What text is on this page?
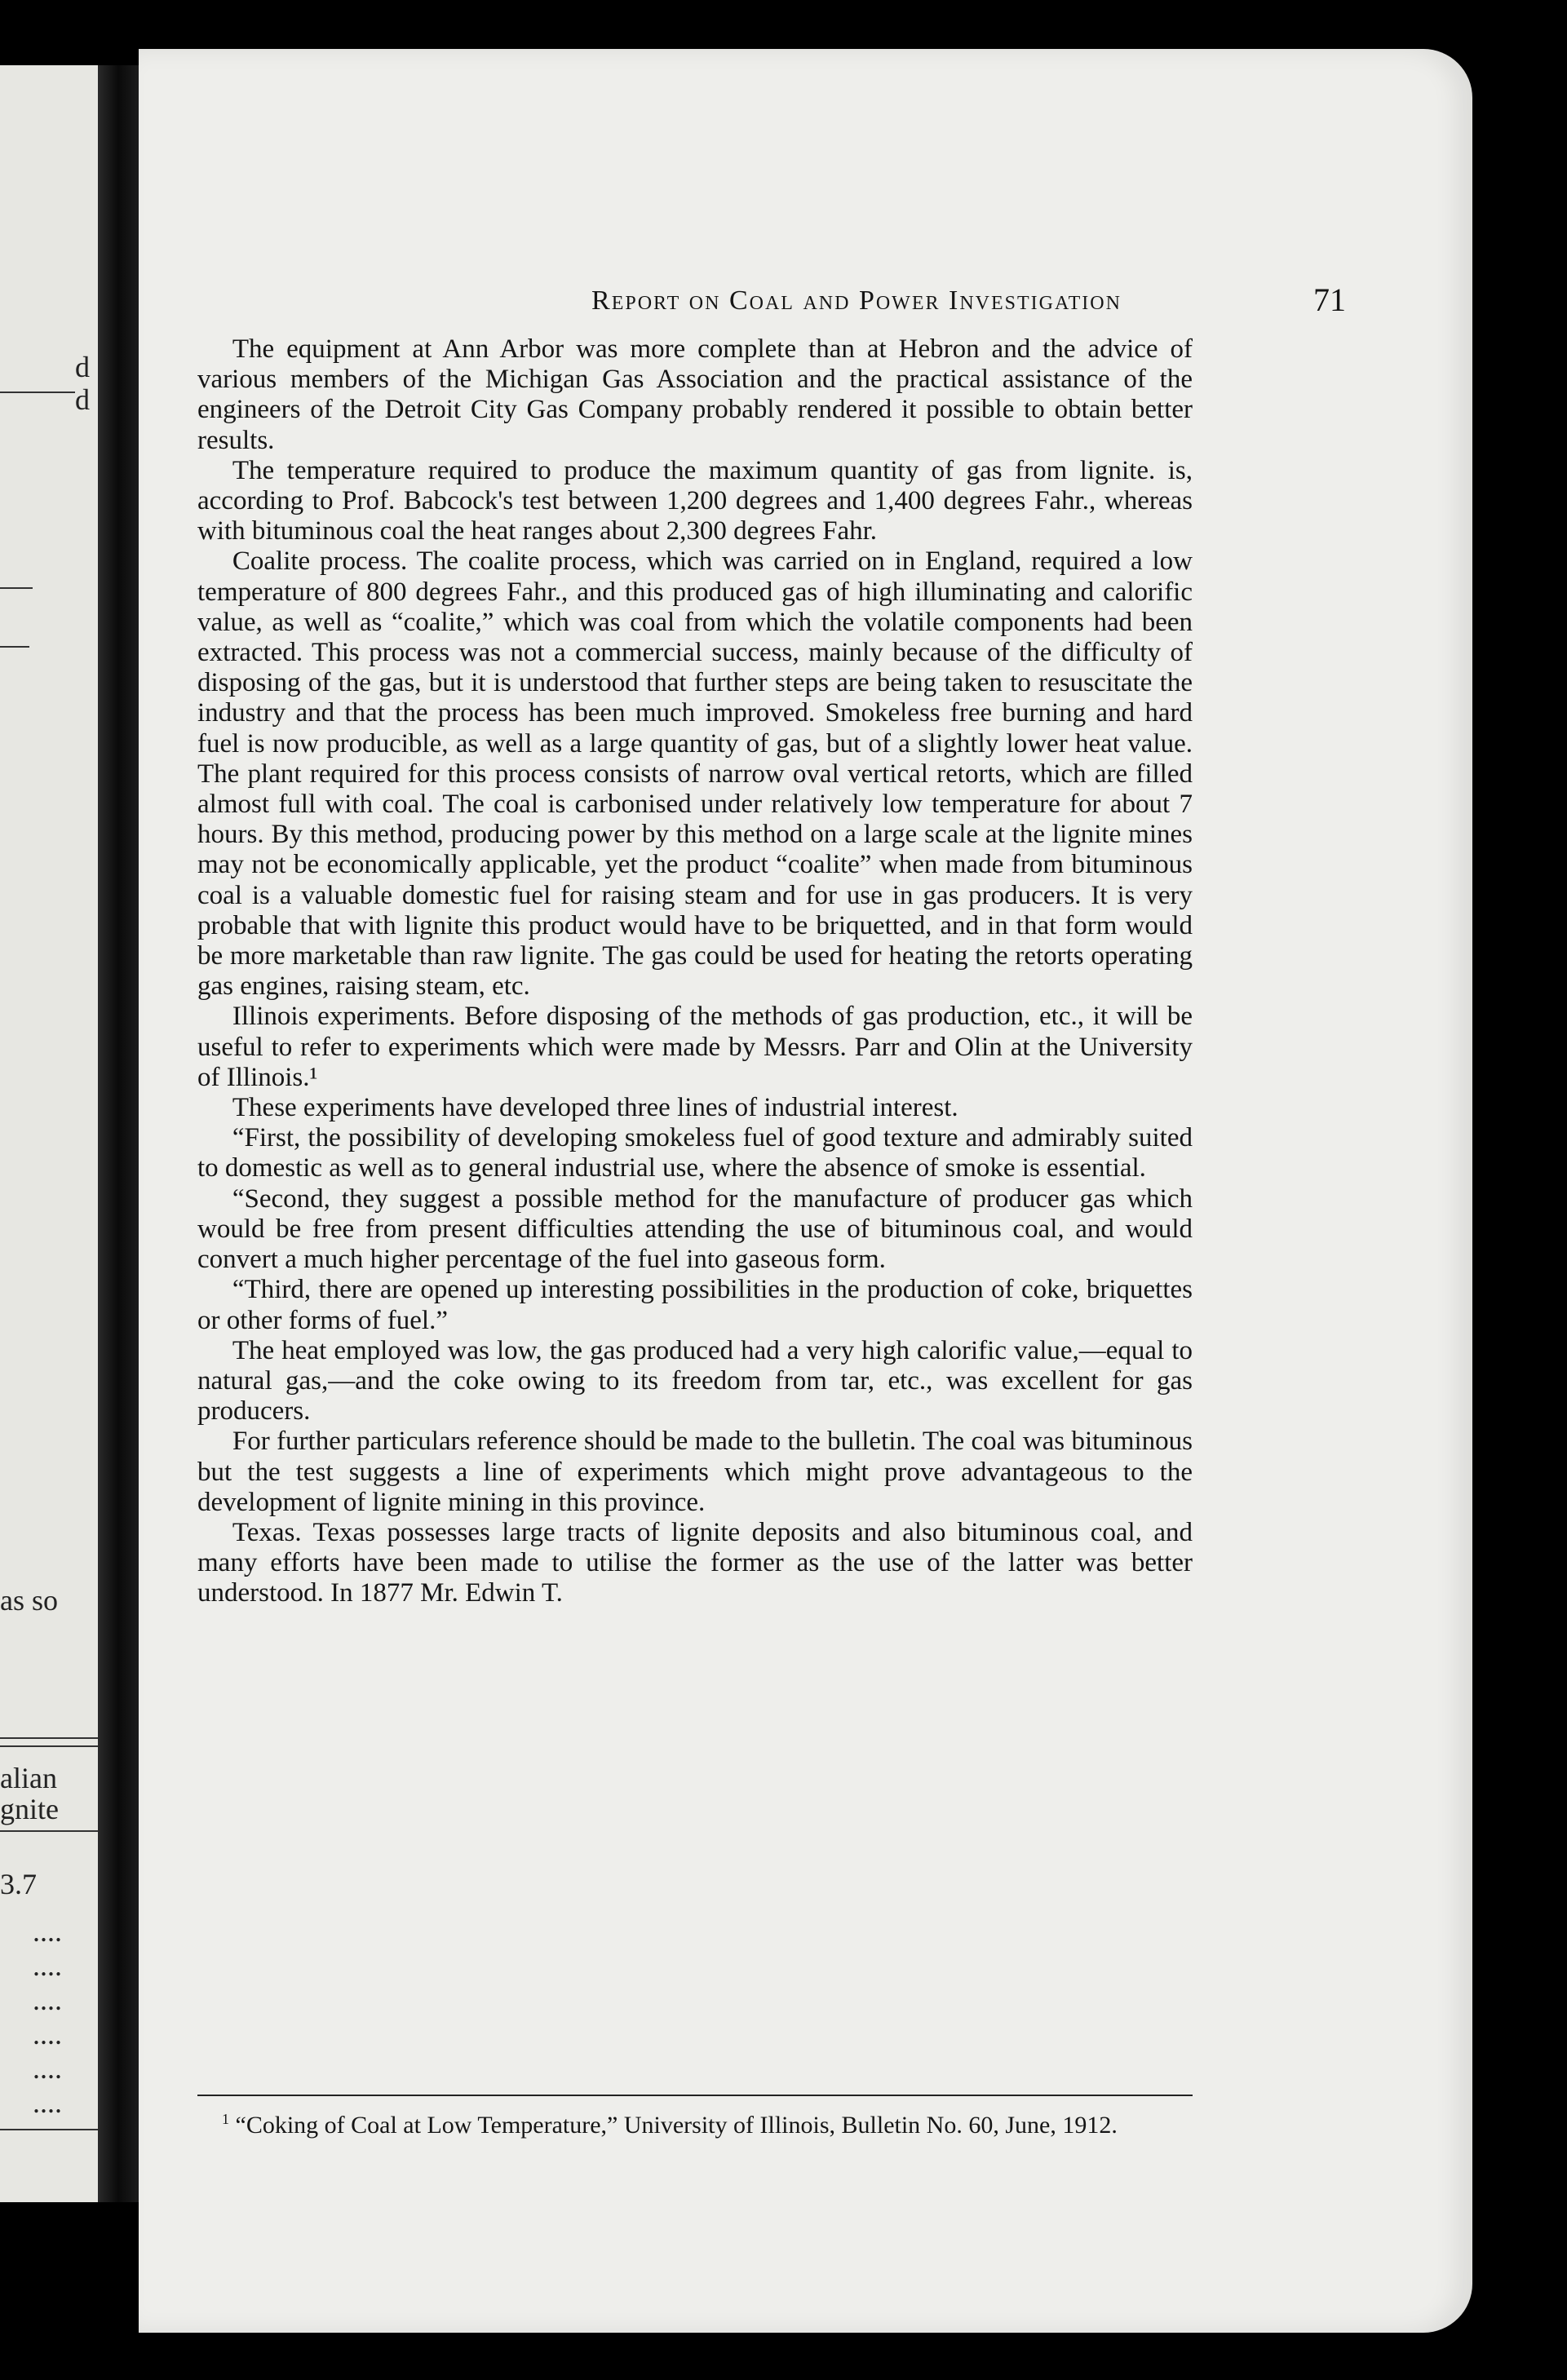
d
d
as so
alian
gnite
3.7
....
....
....
....
....
....
Report on Coal and Power Investigation	71

The equipment at Ann Arbor was more complete than at Hebron and the advice of various members of the Michigan Gas Association and the practical assistance of the engineers of the Detroit City Gas Company probably rendered it possible to obtain better results.

The temperature required to produce the maximum quantity of gas from lignite. is, according to Prof. Babcock's test between 1,200 degrees and 1,400 degrees Fahr., whereas with bituminous coal the heat ranges about 2,300 degrees Fahr.

Coalite process. The coalite process, which was carried on in England, required a low temperature of 800 degrees Fahr., and this produced gas of high illuminating and calorific value, as well as “coalite,” which was coal from which the volatile components had been extracted. This process was not a commercial success, mainly because of the difficulty of disposing of the gas, but it is understood that further steps are being taken to resuscitate the industry and that the process has been much improved. Smokeless free burning and hard fuel is now producible, as well as a large quantity of gas, but of a slightly lower heat value. The plant required for this process consists of narrow oval vertical retorts, which are filled almost full with coal. The coal is carbonised under relatively low temperature for about 7 hours. By this method, producing power by this method on a large scale at the lignite mines may not be economically applicable, yet the product “coalite” when made from bituminous coal is a valuable domestic fuel for raising steam and for use in gas producers. It is very probable that with lignite this product would have to be briquetted, and in that form would be more marketable than raw lignite. The gas could be used for heating the retorts operating gas engines, raising steam, etc.

Illinois experiments. Before disposing of the methods of gas production, etc., it will be useful to refer to experiments which were made by Messrs. Parr and Olin at the University of Illinois.¹

These experiments have developed three lines of industrial interest.

“First, the possibility of developing smokeless fuel of good texture and admirably suited to domestic as well as to general industrial use, where the absence of smoke is essential.

“Second, they suggest a possible method for the manufacture of producer gas which would be free from present difficulties attending the use of bituminous coal, and would convert a much higher percentage of the fuel into gaseous form.

“Third, there are opened up interesting possibilities in the production of coke, briquettes or other forms of fuel.”

The heat employed was low, the gas produced had a very high calorific value,—equal to natural gas,—and the coke owing to its freedom from tar, etc., was excellent for gas producers.

For further particulars reference should be made to the bulletin. The coal was bituminous but the test suggests a line of experiments which might prove advantageous to the development of lignite mining in this province.

Texas. Texas possesses large tracts of lignite deposits and also bituminous coal, and many efforts have been made to utilise the former as the use of the latter was better understood. In 1877 Mr. Edwin T.

$^1$ “Coking of Coal at Low Temperature,” University of Illinois, Bulletin No. 60, June, 1912.
